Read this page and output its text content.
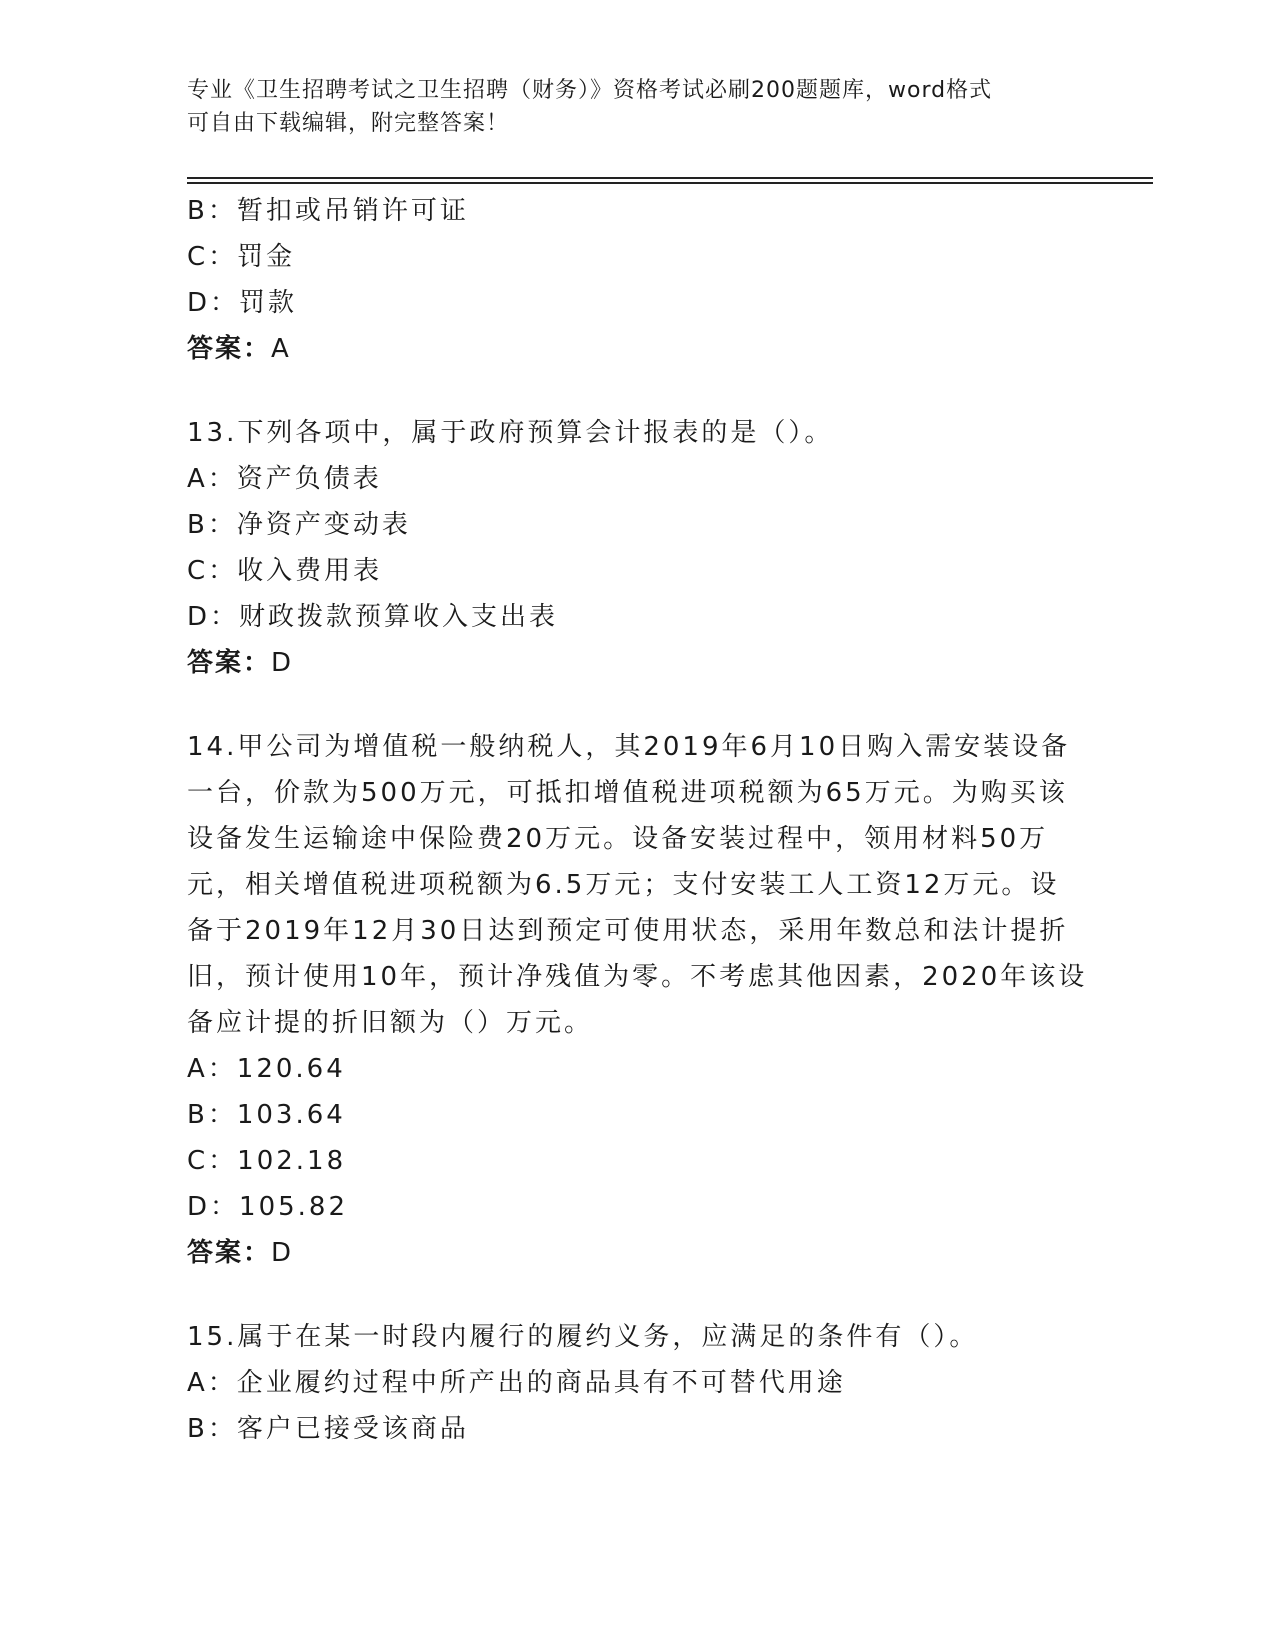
专业《卫生招聘考试之卫生招聘（财务）》资格考试必刷200题题库，word格式
可自由下载编辑，附完整答案！
B：暂扣或吊销许可证
C：罚金
D：罚款
答案：A
13.下列各项中，属于政府预算会计报表的是（）。
A：资产负债表
B：净资产变动表
C：收入费用表
D：财政拨款预算收入支出表
答案：D
14.甲公司为增值税一般纳税人，其2019年6月10日购入需安装设备
一台，价款为500万元，可抵扣增值税进项税额为65万元。为购买该
设备发生运输途中保险费20万元。设备安装过程中，领用材料50万
元，相关增值税进项税额为6.5万元；支付安装工人工资12万元。设
备于2019年12月30日达到预定可使用状态，采用年数总和法计提折
旧，预计使用10年，预计净残值为零。不考虑其他因素，2020年该设
备应计提的折旧额为（）万元。
A：120.64
B：103.64
C：102.18
D：105.82
答案：D
15.属于在某一时段内履行的履约义务，应满足的条件有（）。
A：企业履约过程中所产出的商品具有不可替代用途
B：客户已接受该商品
